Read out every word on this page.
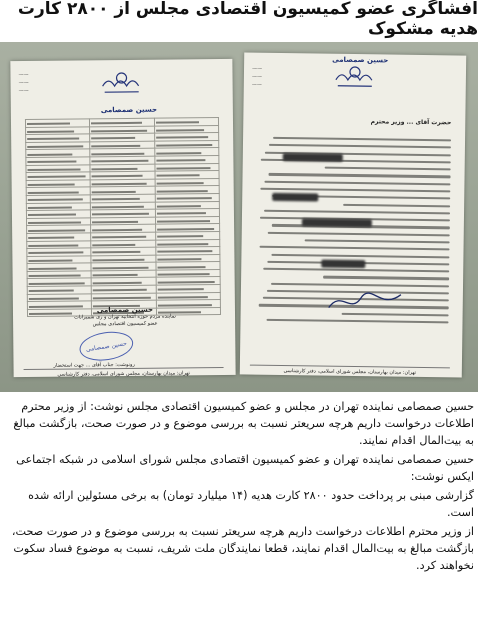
افشاگری عضو کمیسیون اقتصادی مجلس از ۲۸۰۰ کارت هدیه مشکوک
حسین صمصامی
——
——
——

حسین صمصامی
نماینده مردم حوزه انتخابیه تهران و ری شمیرانات
عضو کمیسیون اقتصادی مجلس
حسین صمصامی
رونوشت: جناب آقای ... جهت استحضار
تهران: میدان بهارستان، مجلس شورای اسلامی، دفتر کارشناسی
حسین صمصامی
——
——
——
حضرت آقای ... وزیر محترم
تهران: میدان بهارستان، مجلس شورای اسلامی، دفتر کارشناسی

حسین صمصامی نماینده تهران در مجلس و عضو کمیسیون اقتصادی مجلس نوشت: از وزیر محترم اطلاعات درخواست داریم هرچه سریعتر نسبت به بررسی موضوع و در صورت صحت، بازگشت مبالغ به بیت‌المال اقدام نمایند.

حسین صمصامی نماینده تهران و عضو کمیسیون اقتصادی مجلس شورای اسلامی در شبکه اجتماعی ایکس نوشت:

گزارشی مبنی بر پرداخت حدود ۲۸۰۰ کارت هدیه (۱۴ میلیارد تومان) به برخی مسئولین ارائه شده است.

از وزیر محترم اطلاعات درخواست داریم هرچه سریعتر نسبت به بررسی موضوع و در صورت صحت، بازگشت مبالغ به بیت‌المال اقدام نمایند، قطعا نمایندگان ملت شریف، نسبت به موضوع فساد سکوت نخواهند کرد.
